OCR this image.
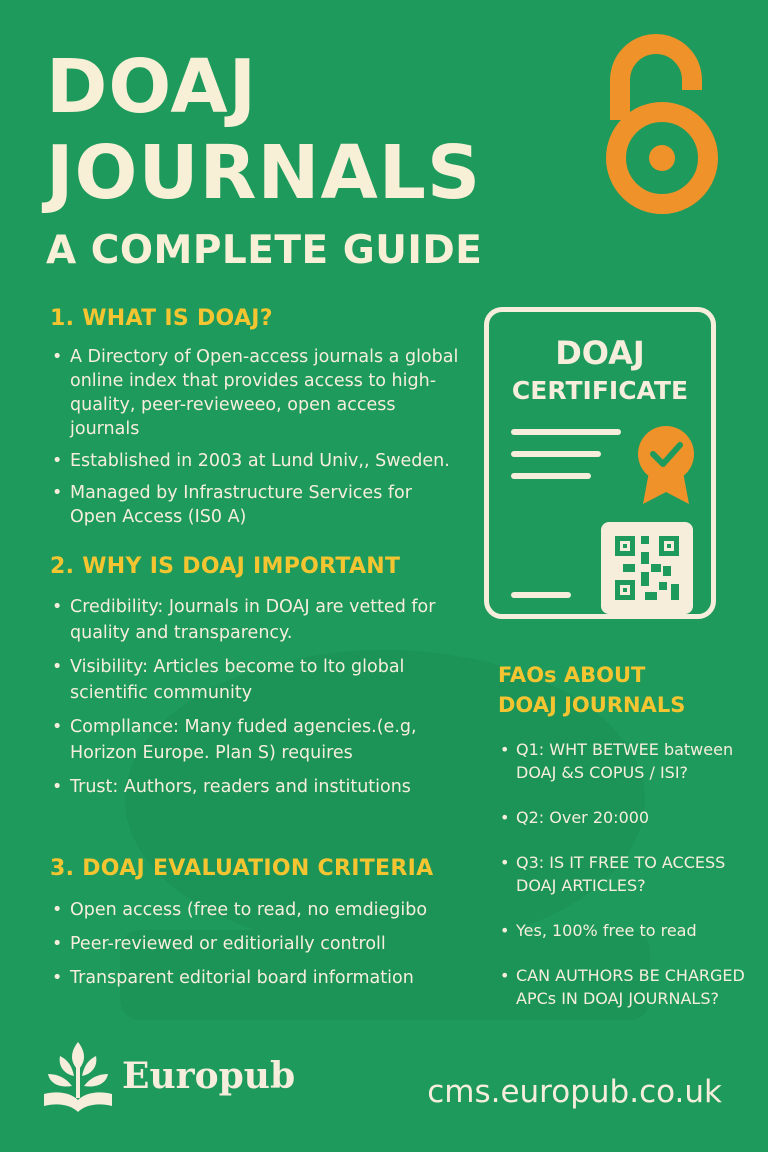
DOAJ
JOURNALS
A COMPLETE GUIDE
1. WHAT IS DOAJ?
• A Directory of Open-access journals a global online index that provides access to high-quality, peer-revieweeo, open access journals
• Established in 2003 at Lund Univ,, Sweden.
• Managed by Infrastructure Services for Open Access (IS0 A)
2. WHY IS DOAJ IMPORTANT
• Credibility: Journals in DOAJ are vetted for quality and transparency.
• Visibility: Articles become to lto global scientific community
• Compllance: Many fuded agencies.(e.g, Horizon Europe. Plan S) requires
• Trust: Authors, readers and institutions
3. DOAJ EVALUATION CRITERIA
• Open access (free to read, no emdiegibo
• Peer-reviewed or editiorially controll
• Transparent editorial board information
DOAJ
CERTIFICATE
FAOs ABOUT
DOAJ JOURNALS
• Q1: WHT BETWEE batween DOAJ &S COPUS / ISI?
• Q2: Over 20:000
• Q3: IS IT FREE TO ACCESS DOAJ ARTICLES?
• Yes, 100% free to read
• CAN AUTHORS BE CHARGED APCs IN DOAJ JOURNALS?
Europub	cms.europub.co.uk
